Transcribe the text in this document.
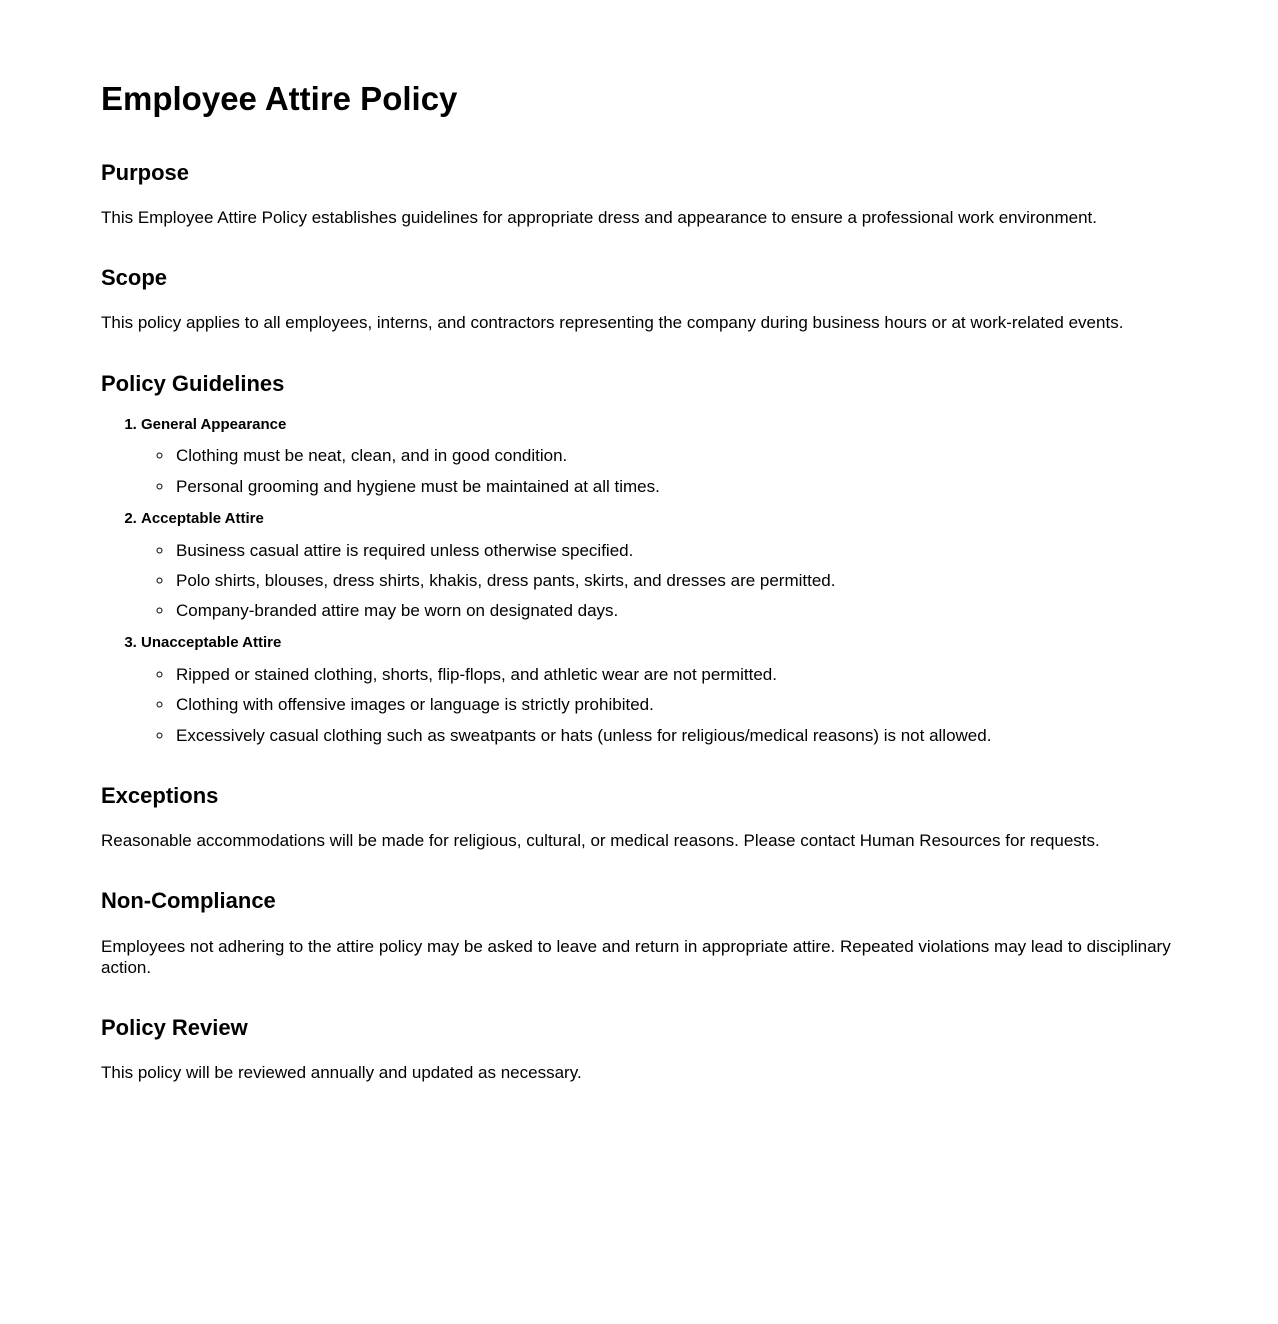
Employee Attire Policy
Purpose

This Employee Attire Policy establishes guidelines for appropriate dress and appearance to ensure a professional work environment.

Scope

This policy applies to all employees, interns, and contractors representing the company during business hours or at work-related events.

Policy Guidelines
1. General Appearance
◦ Clothing must be neat, clean, and in good condition.
◦ Personal grooming and hygiene must be maintained at all times.
2. Acceptable Attire
◦ Business casual attire is required unless otherwise specified.
◦ Polo shirts, blouses, dress shirts, khakis, dress pants, skirts, and dresses are permitted.
◦ Company-branded attire may be worn on designated days.
3. Unacceptable Attire
◦ Ripped or stained clothing, shorts, flip-flops, and athletic wear are not permitted.
◦ Clothing with offensive images or language is strictly prohibited.
◦ Excessively casual clothing such as sweatpants or hats (unless for religious/medical reasons) is not allowed.
Exceptions

Reasonable accommodations will be made for religious, cultural, or medical reasons. Please contact Human Resources for requests.

Non-Compliance

Employees not adhering to the attire policy may be asked to leave and return in appropriate attire. Repeated violations may lead to disciplinary action.

Policy Review

This policy will be reviewed annually and updated as necessary.
